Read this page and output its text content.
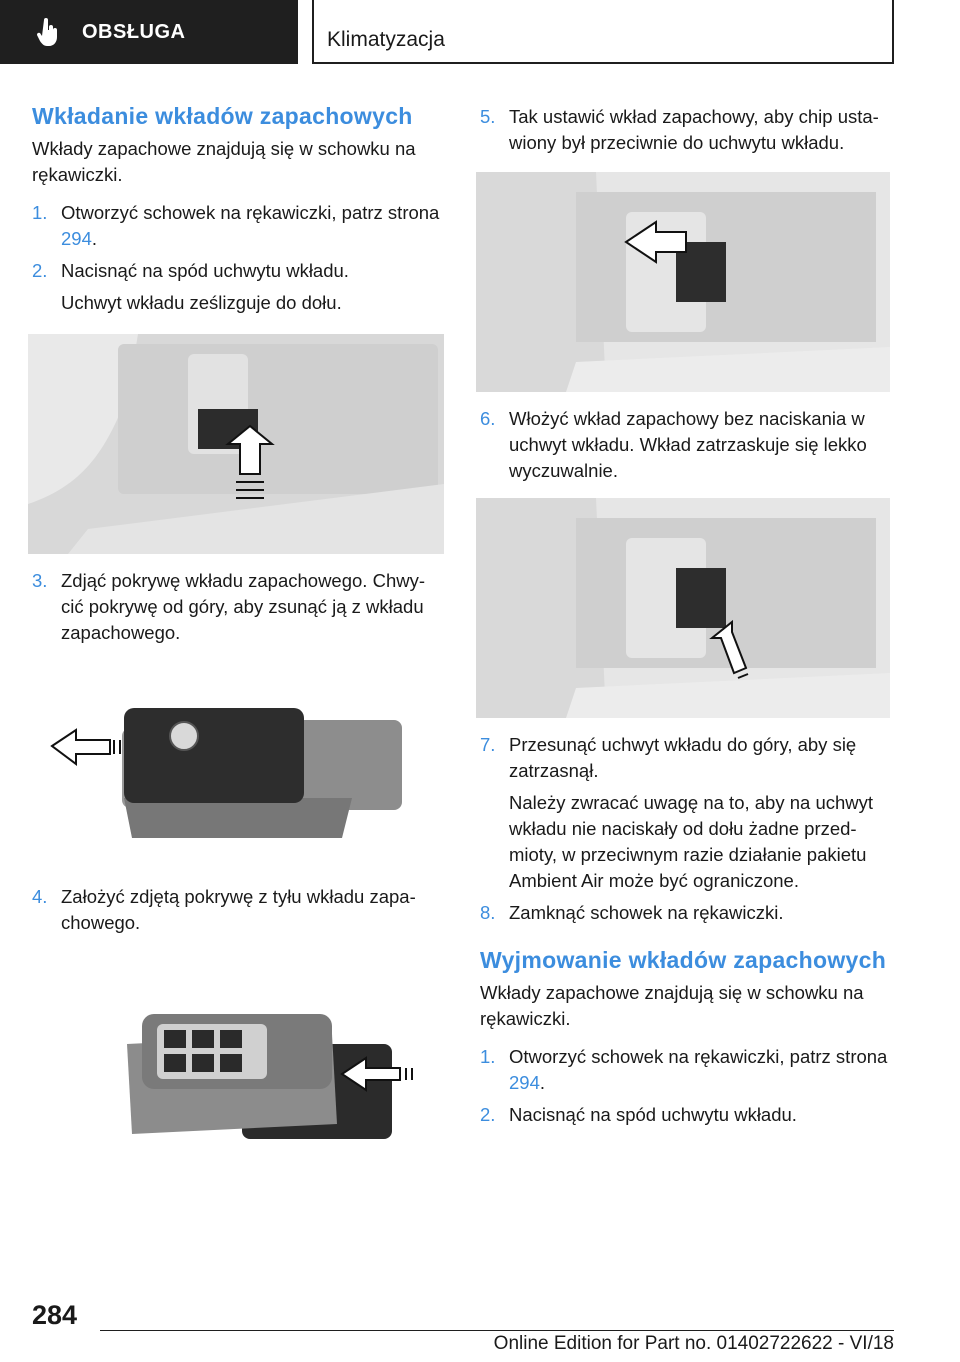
OBSŁUGA	Klimatyzacja
Wkładanie wkładów zapachowych

Wkłady zapachowe znajdują się w schowku na rękawiczki.

1. Otworzyć schowek na rękawiczki, patrz strona 294.
2. Nacisnąć na spód uchwytu wkładu.

Uchwyt wkładu ześlizguje do dołu.

3. Zdjąć pokrywę wkładu zapachowego. Chwy-cić pokrywę od góry, aby zsunąć ją z wkładu zapachowego.
4. Założyć zdjętą pokrywę z tyłu wkładu zapa-chowego.
5. Tak ustawić wkład zapachowy, aby chip usta-wiony był przeciwnie do uchwytu wkładu.
6. Włożyć wkład zapachowy bez naciskania w uchwyt wkładu. Wkład zatrzaskuje się lekko wyczuwalnie.
7. Przesunąć uchwyt wkładu do góry, aby się zatrzasnął.

Należy zwracać uwagę na to, aby na uchwyt wkładu nie naciskały od dołu żadne przed-mioty, w przeciwnym razie działanie pakietu Ambient Air może być ograniczone.

8. Zamknąć schowek na rękawiczki.
Wyjmowanie wkładów zapachowych

Wkłady zapachowe znajdują się w schowku na rękawiczki.

1. Otworzyć schowek na rękawiczki, patrz strona 294.
2. Nacisnąć na spód uchwytu wkładu.
284
Online Edition for Part no. 01402722622 - VI/18
